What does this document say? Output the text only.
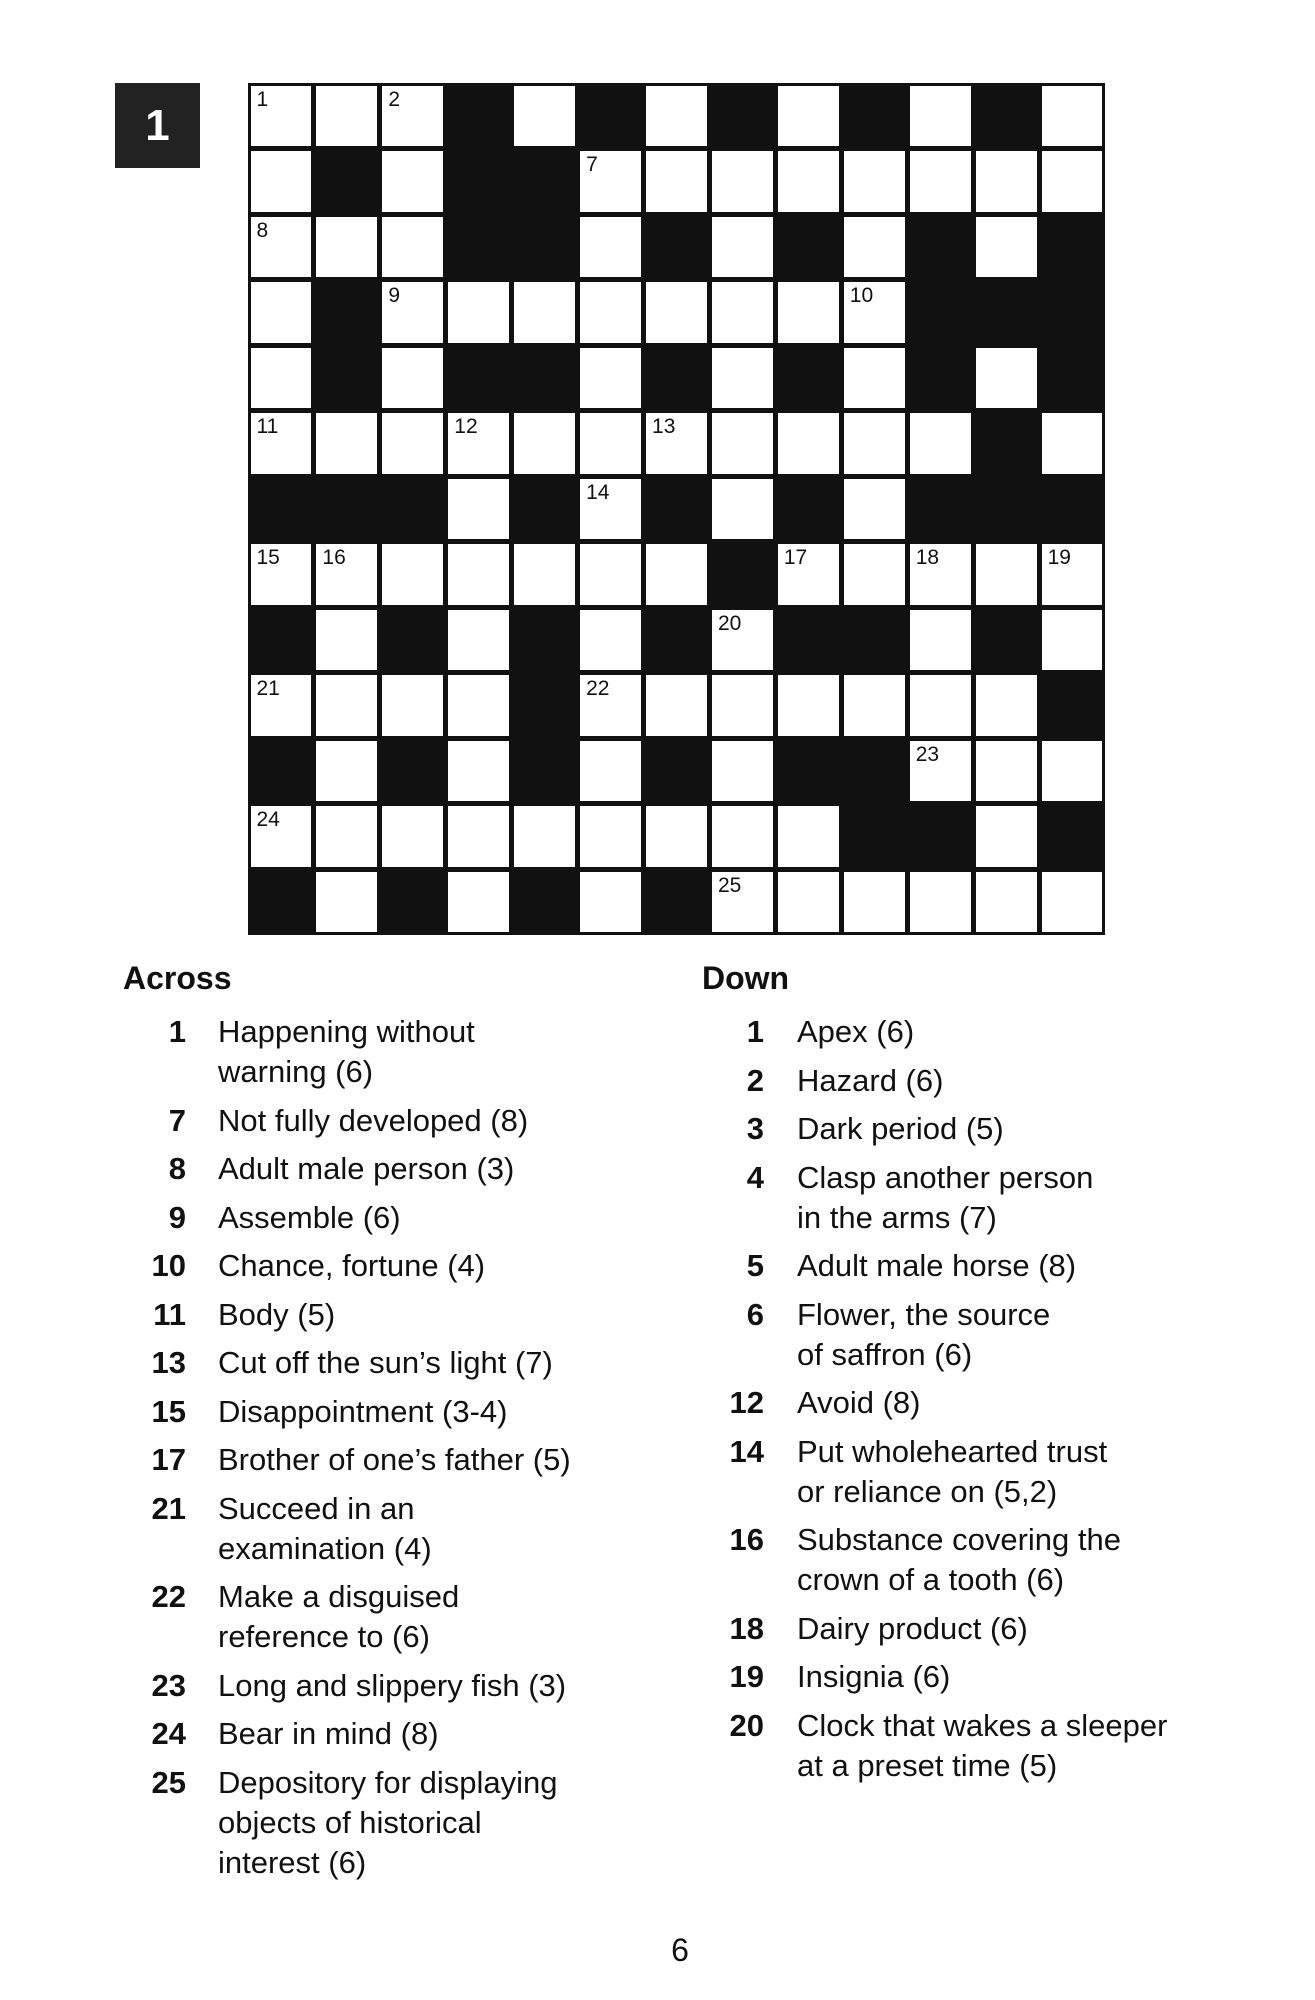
1
1	2
7
8
9	10
11	12	13
14
15 16	17	18	19
20
21	22
23
24
25
Across
1 Happening without
warning (6)
7 Not fully developed (8)
8 Adult male person (3)
9 Assemble (6)
10 Chance, fortune (4)
11 Body (5)
13 Cut off the sun’s light (7)
15 Disappointment (3-4)
17 Brother of one’s father (5)
21 Succeed in an
examination (4)
22 Make a disguised
reference to (6)
23 Long and slippery fish (3)
24 Bear in mind (8)
25 Depository for displaying
objects of historical
interest (6)
Down
1 Apex (6)
2 Hazard (6)
3 Dark period (5)
4 Clasp another person
in the arms (7)
5 Adult male horse (8)
6 Flower, the source
of saffron (6)
12 Avoid (8)
14 Put wholehearted trust
or reliance on (5,2)
16 Substance covering the
crown of a tooth (6)
18 Dairy product (6)
19 Insignia (6)
20 Clock that wakes a sleeper
at a preset time (5)
6
